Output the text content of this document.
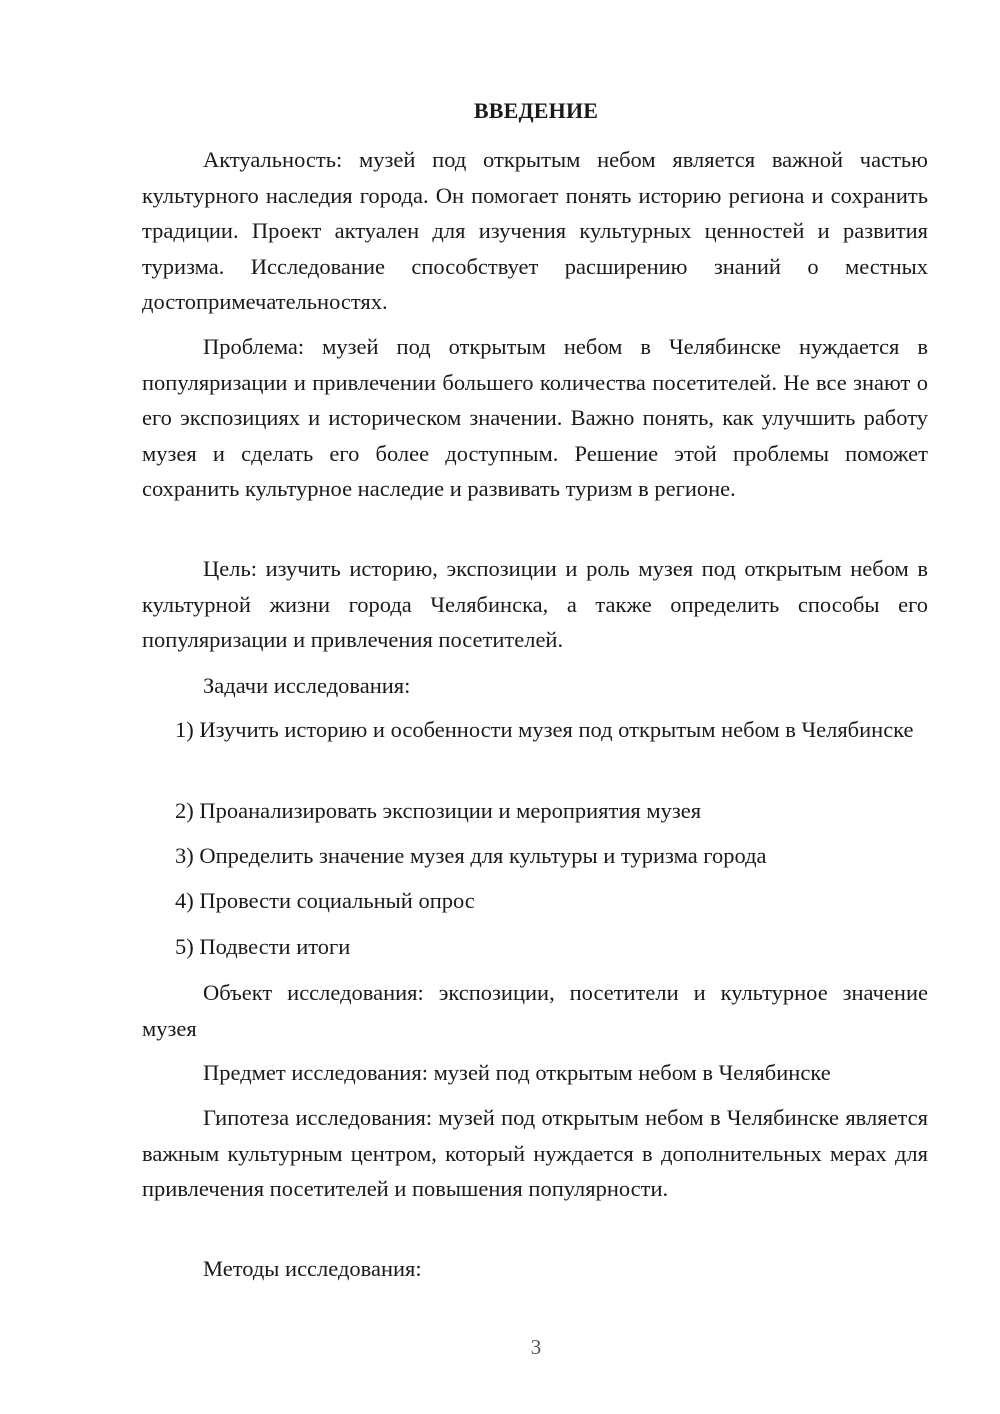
ВВЕДЕНИЕ

Актуальность: музей под открытым небом является важной частью культурного наследия города. Он помогает понять историю региона и сохранить традиции. Проект актуален для изучения культурных ценностей и развития туризма. Исследование способствует расширению знаний о местных достопримечательностях.

Проблема: музей под открытым небом в Челябинске нуждается в популяризации и привлечении большего количества посетителей. Не все знают о его экспозициях и историческом значении. Важно понять, как улучшить работу музея и сделать его более доступным. Решение этой проблемы поможет сохранить культурное наследие и развивать туризм в регионе.

Цель: изучить историю, экспозиции и роль музея под открытым небом в культурной жизни города Челябинска, а также определить способы его популяризации и привлечения посетителей.

Задачи исследования:

1) Изучить историю и особенности музея под открытым небом в Челябинске

2) Проанализировать экспозиции и мероприятия музея

3) Определить значение музея для культуры и туризма города

4) Провести социальный опрос

5) Подвести итоги

Объект исследования: экспозиции, посетители и культурное значение музея

Предмет исследования: музей под открытым небом в Челябинске

Гипотеза исследования: музей под открытым небом в Челябинске является важным культурным центром, который нуждается в дополнительных мерах для привлечения посетителей и повышения популярности.

Методы исследования:

3
